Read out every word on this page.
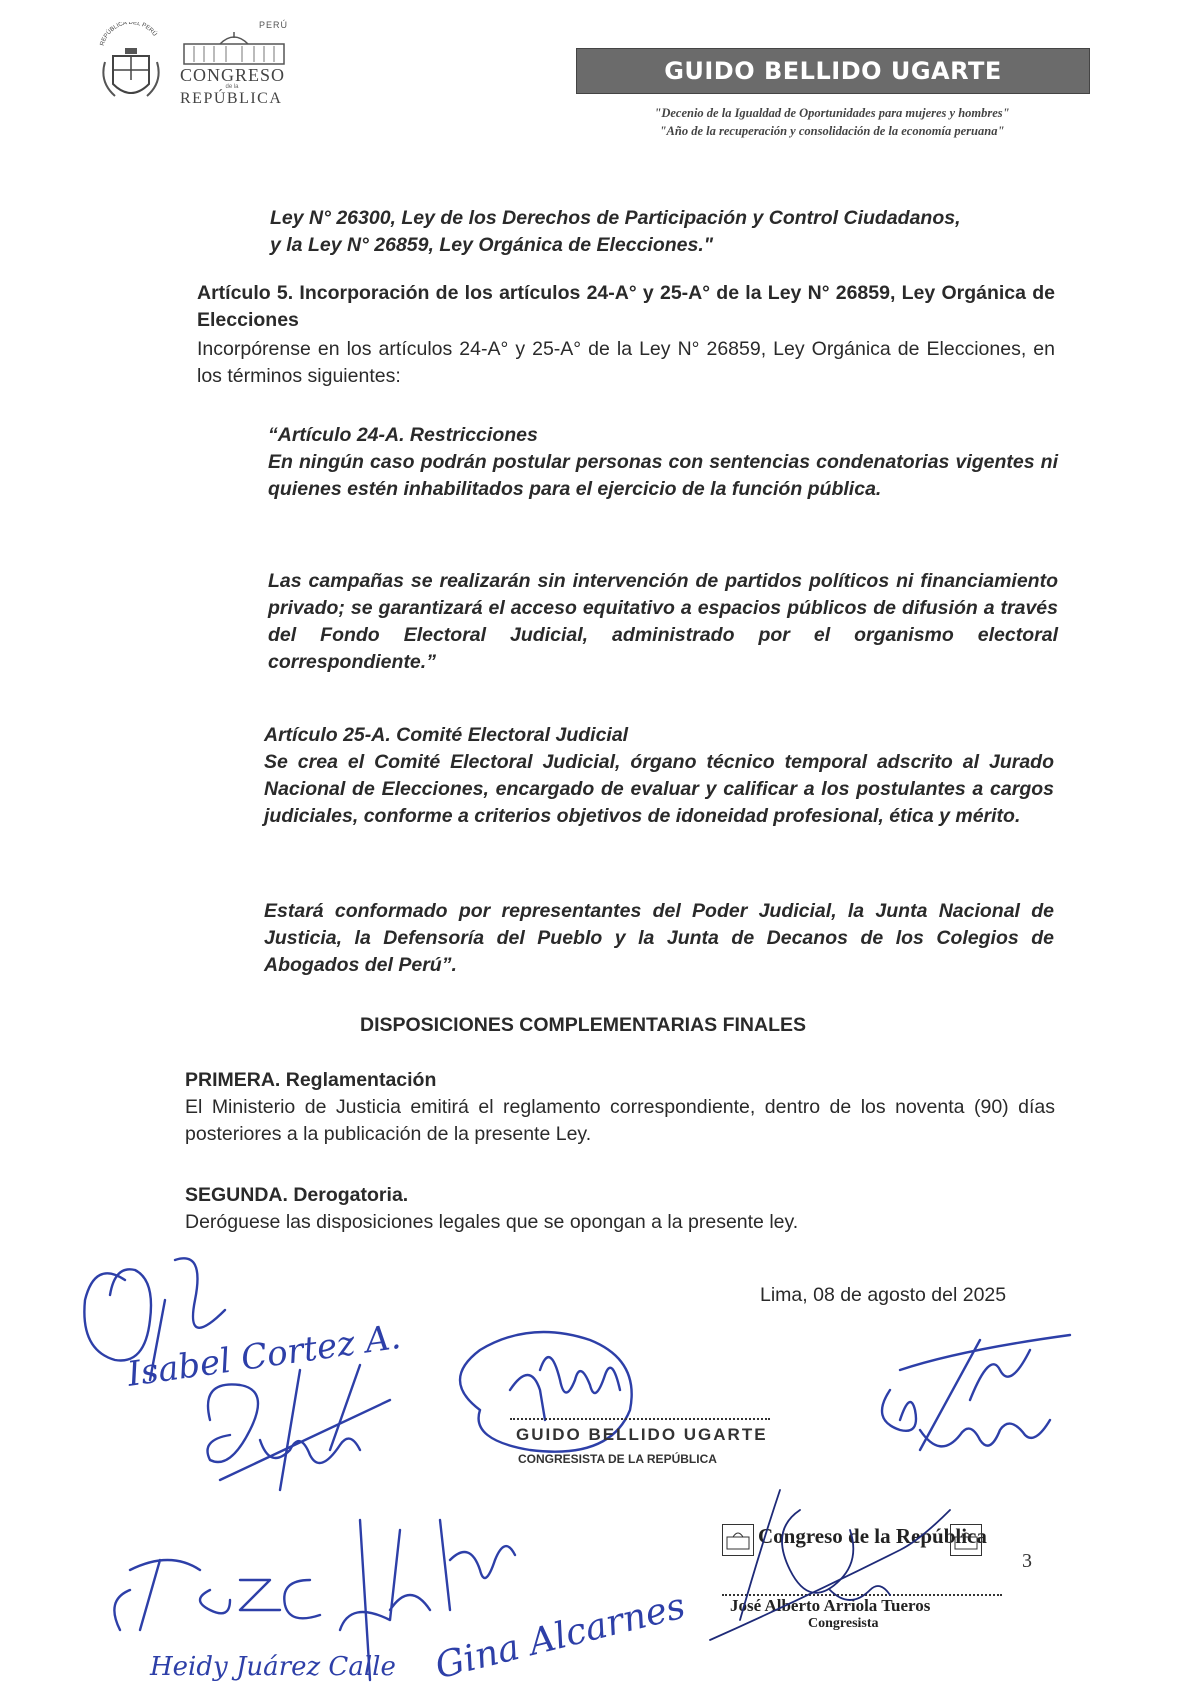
REPÚBLICA DEL PERÚ
PERÚ
CONGRESO
de la
REPÚBLICA
GUIDO BELLIDO UGARTE
"Decenio de la Igualdad de Oportunidades para mujeres y hombres"
"Año de la recuperación y consolidación de la economía peruana"
Ley N° 26300, Ley de los Derechos de Participación y Control Ciudadanos,
y la Ley N° 26859, Ley Orgánica de Elecciones."
Artículo 5. Incorporación de los artículos 24-A° y 25-A° de la Ley N° 26859, Ley Orgánica de Elecciones
Incorpórense en los artículos 24-A° y 25-A° de la Ley N° 26859, Ley Orgánica de Elecciones, en los términos siguientes:
“Artículo 24-A. Restricciones
En ningún caso podrán postular personas con sentencias condenatorias vigentes ni quienes estén inhabilitados para el ejercicio de la función pública.
Las campañas se realizarán sin intervención de partidos políticos ni financiamiento privado; se garantizará el acceso equitativo a espacios públicos de difusión a través del Fondo Electoral Judicial, administrado por el organismo electoral correspondiente.”
Artículo 25-A. Comité Electoral Judicial
Se crea el Comité Electoral Judicial, órgano técnico temporal adscrito al Jurado Nacional de Elecciones, encargado de evaluar y calificar a los postulantes a cargos judiciales, conforme a criterios objetivos de idoneidad profesional, ética y mérito.
Estará conformado por representantes del Poder Judicial, la Junta Nacional de Justicia, la Defensoría del Pueblo y la Junta de Decanos de los Colegios de Abogados del Perú”.
DISPOSICIONES COMPLEMENTARIAS FINALES
PRIMERA. Reglamentación
El Ministerio de Justicia emitirá el reglamento correspondiente, dentro de los noventa (90) días posteriores a la publicación de la presente Ley.
SEGUNDA. Derogatoria.
Deróguese las disposiciones legales que se opongan a la presente ley.
Lima, 08 de agosto del 2025
Isabel Cortez A.
GUIDO BELLIDO UGARTE
CONGRESISTA DE LA REPÚBLICA
Congreso de la República
José Alberto Arriola Tueros
Congresista
3
Heidy Juárez Calle Gina Alcarnes
